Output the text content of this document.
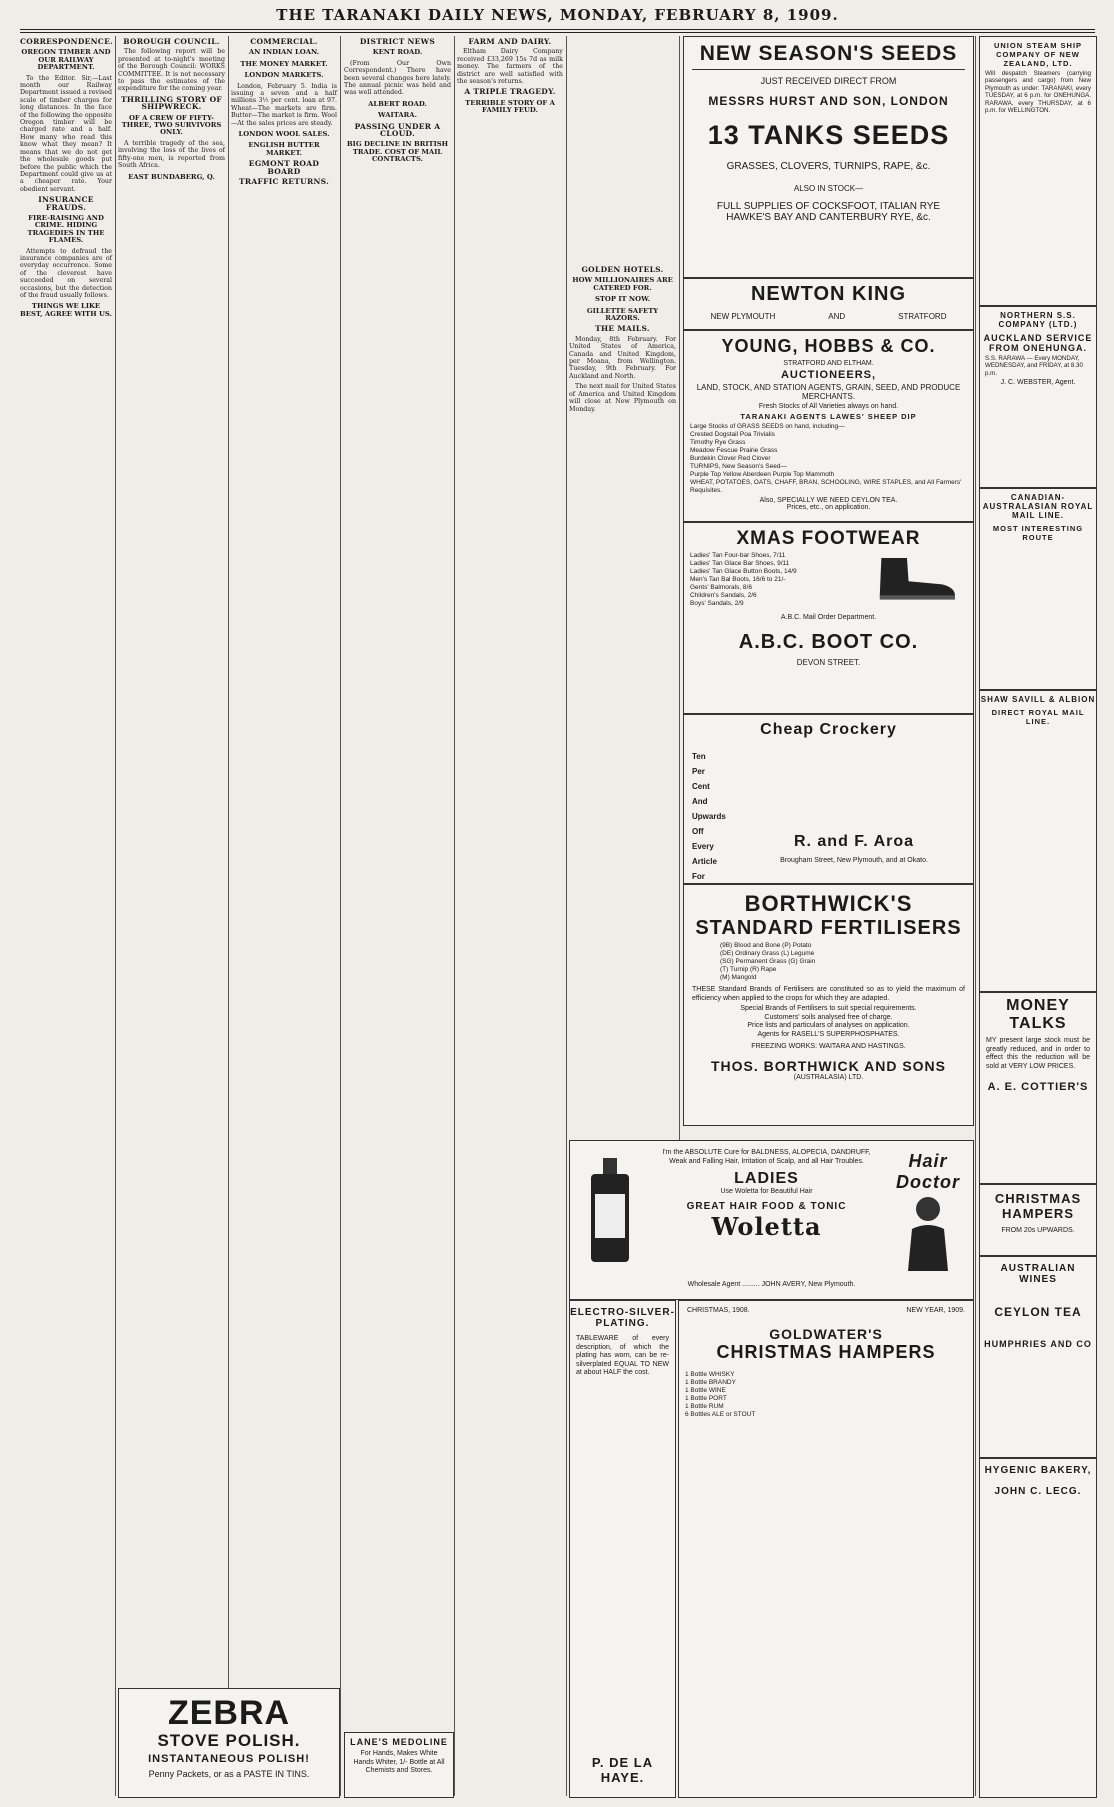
THE TARANAKI DAILY NEWS, MONDAY, FEBRUARY 8, 1909.
CORRESPONDENCE.
OREGON TIMBER AND OUR RAILWAY DEPARTMENT.

To the Editor. Sir,—Last month our Railway Department issued a revised scale of timber charges for long distances. In the face of the following the opposite Oregon timber will be charged rate and a half. How many who read this know what they mean? It means that we do not get the wholesale goods put before the public which the Department could give us at a cheaper rate. Your obedient servant.

INSURANCE FRAUDS.
FIRE-RAISING AND CRIME. HIDING TRAGEDIES IN THE FLAMES.

Attempts to defraud the insurance companies are of everyday occurrence. Some of the cleverest have succeeded on several occasions, but the detection of the fraud usually follows.

THINGS WE LIKE BEST, AGREE WITH US.
BOROUGH COUNCIL.

The following report will be presented at to-night's meeting of the Borough Council: WORKS COMMITTEE. It is not necessary to pass the estimates of the expenditure for the coming year.

THRILLING STORY OF SHIPWRECK.
OF A CREW OF FIFTY-THREE, TWO SURVIVORS ONLY.

A terrible tragedy of the sea, involving the loss of the lives of fifty-one men, is reported from South Africa.

EAST BUNDABERG, Q.
COMMERCIAL.
AN INDIAN LOAN.
THE MONEY MARKET.
LONDON MARKETS.

London, February 5. India is issuing a seven and a half millions 3½ per cent. loan at 97. Wheat—The markets are firm. Butter—The market is firm. Wool—At the sales prices are steady.

LONDON WOOL SALES.
ENGLISH BUTTER MARKET.
EGMONT ROAD BOARD
TRAFFIC RETURNS.
DISTRICT NEWS
KENT ROAD.

(From Our Own Correspondent.) There have been several changes here lately. The annual picnic was held and was well attended.

ALBERT ROAD.
WAITARA.
PASSING UNDER A CLOUD.
BIG DECLINE IN BRITISH TRADE. COST OF MAIL CONTRACTS.
FARM AND DAIRY.

Eltham Dairy Company received £33,269 15s 7d as milk money. The farmers of the district are well satisfied with the season's returns.

A TRIPLE TRAGEDY.
TERRIBLE STORY OF A FAMILY FEUD.
GOLDEN HOTELS.
HOW MILLIONAIRES ARE CATERED FOR.
STOP IT NOW.
GILLETTE SAFETY RAZORS.
THE MAILS.

Monday, 8th February. For United States of America, Canada and United Kingdom, per Moana, from Wellington. Tuesday, 9th February. For Auckland and North.

The next mail for United States of America and United Kingdom will close at New Plymouth on Monday.

ZEBRA
STOVE POLISH.
INSTANTANEOUS POLISH!
Penny Packets, or as a PASTE IN TINS.
LANE'S MEDOLINE
For Hands, Makes White Hands Whiter, 1/- Bottle at All Chemists and Stores.
NEW SEASON'S SEEDS
JUST RECEIVED DIRECT FROM
MESSRS HURST AND SON, LONDON
13 TANKS SEEDS
GRASSES, CLOVERS, TURNIPS, RAPE, &c.
ALSO IN STOCK—
FULL SUPPLIES OF COCKSFOOT, ITALIAN RYE HAWKE'S BAY AND CANTERBURY RYE, &c.
NEWTON KING
NEW PLYMOUTH	AND	STRATFORD
YOUNG, HOBBS & CO.
STRATFORD AND ELTHAM.
AUCTIONEERS,
LAND, STOCK, AND STATION AGENTS, GRAIN, SEED, AND PRODUCE MERCHANTS.
Fresh Stocks of All Varieties always on hand.
TARANAKI AGENTS LAWES' SHEEP DIP
Large Stocks of GRASS SEEDS on hand, including—
Crested Dogstail Poa Trivialis
Timothy Rye Grass
Meadow Fescue Prairie Grass
Burdekin Clover Red Clover
TURNIPS, New Season's Seed—
Purple Top Yellow Aberdeen Purple Top Mammoth
WHEAT, POTATOES, OATS, CHAFF, BRAN, SCHOOLING, WIRE STAPLES, and All Farmers' Requisites.
Also, SPECIALLY WE NEED CEYLON TEA.
Prices, etc., on application.
XMAS FOOTWEAR
Ladies' Tan Four-bar Shoes, 7/11
Ladies' Tan Glace Bar Shoes, 9/11
Ladies' Tan Glace Button Boots, 14/9
Men's Tan Bal Boots, 16/6 to 21/-
Gents' Balmorals, 8/6
Children's Sandals, 2/6
Boys' Sandals, 2/9
A.B.C. Mail Order Department.
A.B.C. BOOT CO.
DEVON STREET.
Cheap Crockery
Ten
Per
Cent
And
Upwards
Off
Every
Article
For
R. and F. Aroa
Brougham Street, New Plymouth, and at Okato.
BORTHWICK'S
STANDARD FERTILISERS
(9B) Blood and Bone (P) Potato
(DE) Ordinary Grass (L) Legume
(SG) Permanent Grass (G) Grain
(T) Turnip (R) Rape
(M) Mangold
THESE Standard Brands of Fertilisers are constituted so as to yield the maximum of efficiency when applied to the crops for which they are adapted.
Special Brands of Fertilisers to suit special requirements.
Customers' soils analysed free of charge.
Price lists and particulars of analyses on application.
Agents for RASELL'S SUPERPHOSPHATES.
FREEZING WORKS: WAITARA AND HASTINGS.
THOS. BORTHWICK AND SONS
(AUSTRALASIA) LTD.
I'm the ABSOLUTE Cure for BALDNESS, ALOPECIA, DANDRUFF,
Weak and Falling Hair, Irritation of Scalp, and all Hair Troubles.
LADIES
Use Woletta for Beautiful Hair
GREAT HAIR FOOD & TONIC
Woletta
Hair Doctor
Wholesale Agent ......... JOHN AVERY, New Plymouth.
ELECTRO-SILVER-PLATING.
TABLEWARE of every description, of which the plating has worn, can be re-silverplated EQUAL TO NEW at about HALF the cost.
P. DE LA HAYE.
CHRISTMAS, 1908.	NEW YEAR, 1909.
GOLDWATER'S
CHRISTMAS HAMPERS
1 Bottle WHISKY
1 Bottle BRANDY
1 Bottle WINE
1 Bottle PORT
1 Bottle RUM
6 Bottles ALE or STOUT
UNION STEAM SHIP COMPANY OF NEW ZEALAND, LTD.
Will despatch Steamers (carrying passengers and cargo) from New Plymouth as under: TARANAKI, every TUESDAY, at 6 p.m. for ONEHUNGA. RARAWA, every THURSDAY, at 6 p.m. for WELLINGTON.
NORTHERN S.S. COMPANY (LTD.)
AUCKLAND SERVICE FROM ONEHUNGA.
S.S. RARAWA — Every MONDAY, WEDNESDAY, and FRIDAY, at 8.30 p.m.
J. C. WEBSTER, Agent.
CANADIAN-AUSTRALASIAN ROYAL MAIL LINE.
MOST INTERESTING ROUTE
SHAW SAVILL & ALBION
DIRECT ROYAL MAIL LINE.
MONEY TALKS
MY present large stock must be greatly reduced, and in order to effect this the reduction will be sold at VERY LOW PRICES.
A. E. COTTIER'S
CHRISTMAS HAMPERS
FROM 20s UPWARDS.
AUSTRALIAN WINES
CEYLON TEA
HUMPHRIES AND CO
HYGENIC BAKERY,
JOHN C. LECG.
